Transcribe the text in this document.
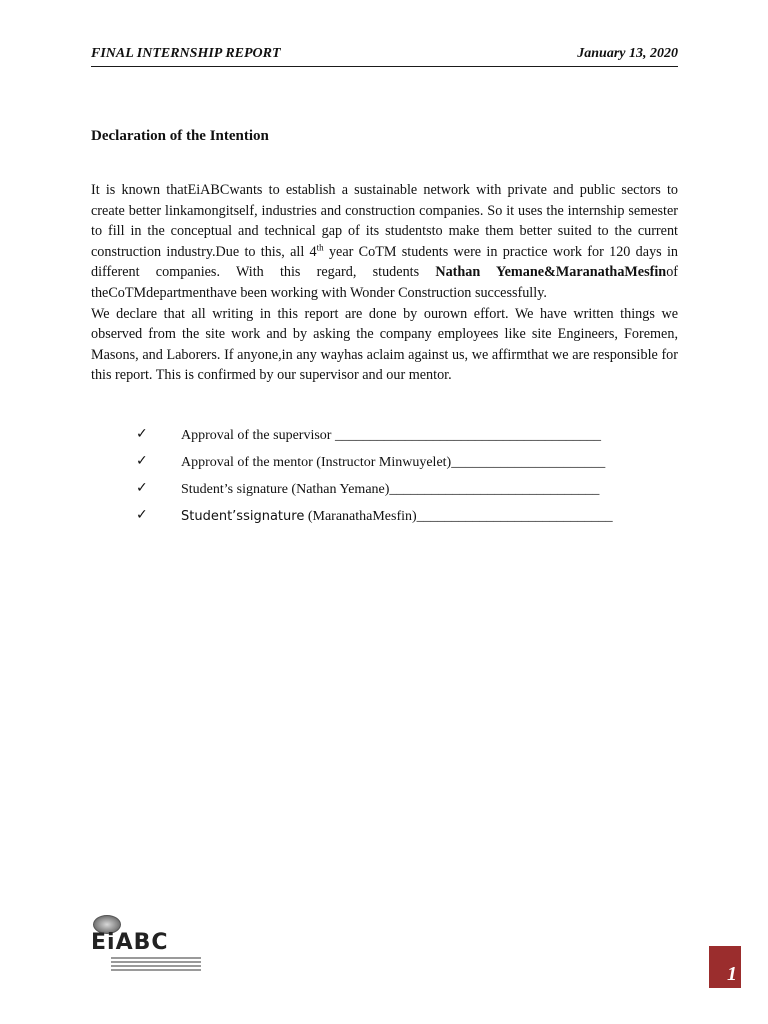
FINAL INTERNSHIP REPORT	January 13, 2020
Declaration of the Intention

It is known thatEiABCwants to establish a sustainable network with private and public sectors to create better linkamongitself, industries and construction companies. So it uses the internship semester to fill in the conceptual and technical gap of its studentsto make them better suited to the current construction industry.Due to this, all 4th year CoTM students were in practice work for 120 days in different companies. With this regard, students Nathan Yemane&MaranathaMesfinof theCoTMdepartmenthave been working with Wonder Construction successfully.

We declare that all writing in this report are done by ourown effort. We have written things we observed from the site work and by asking the company employees like site Engineers, Foremen, Masons, and Laborers. If anyone,in any wayhas aclaim against us, we affirmthat we are responsible for this report. This is confirmed by our supervisor and our mentor.

✓ Approval of the supervisor ______________________________________
✓ Approval of the mentor (Instructor Minwuyelet)______________________
✓ Student’s signature (Nathan Yemane)______________________________
✓	Student’ssignature (MaranathaMesfin)____________________________
EiABC
1
